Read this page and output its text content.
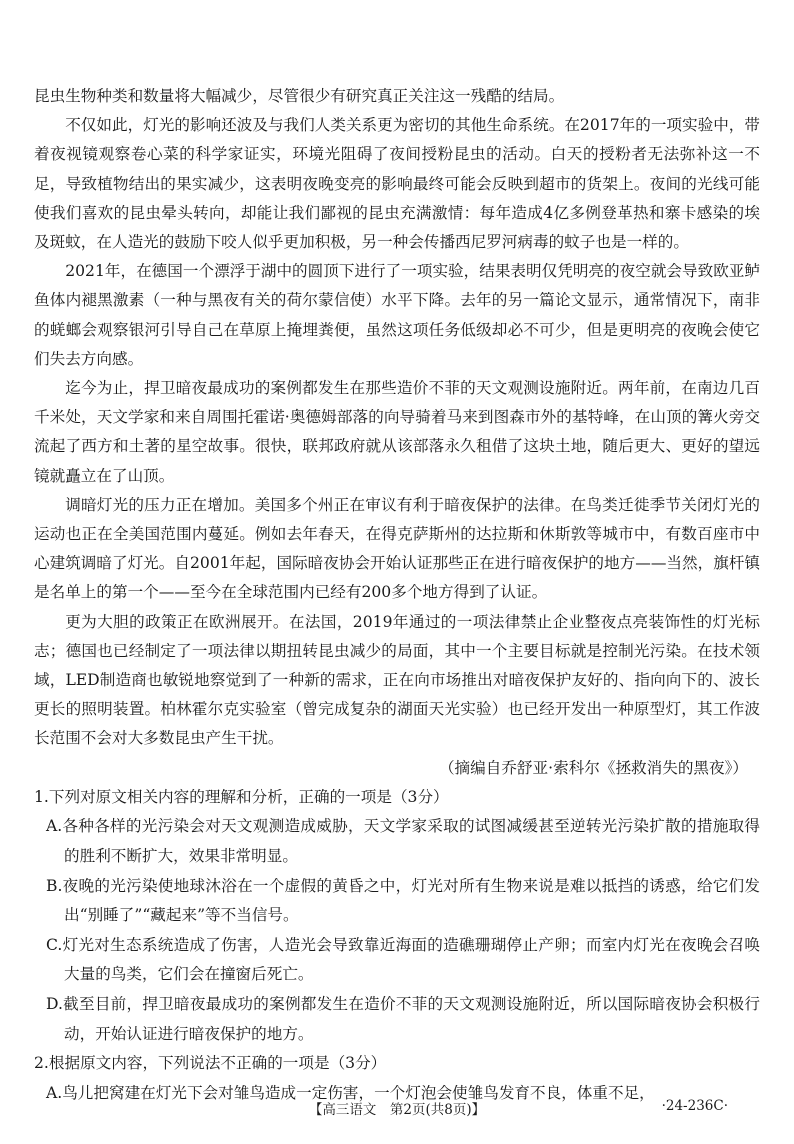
昆虫生物种类和数量将大幅减少，尽管很少有研究真正关注这一残酷的结局。

不仅如此，灯光的影响还波及与我们人类关系更为密切的其他生命系统。在2017年的一项实验中，带着夜视镜观察卷心菜的科学家证实，环境光阻碍了夜间授粉昆虫的活动。白天的授粉者无法弥补这一不足，导致植物结出的果实减少，这表明夜晚变亮的影响最终可能会反映到超市的货架上。夜间的光线可能使我们喜欢的昆虫晕头转向，却能让我们鄙视的昆虫充满激情：每年造成4亿多例登革热和寨卡感染的埃及斑蚊，在人造光的鼓励下咬人似乎更加积极，另一种会传播西尼罗河病毒的蚊子也是一样的。

2021年，在德国一个漂浮于湖中的圆顶下进行了一项实验，结果表明仅凭明亮的夜空就会导致欧亚鲈鱼体内褪黑激素（一种与黑夜有关的荷尔蒙信使）水平下降。去年的另一篇论文显示，通常情况下，南非的蜣螂会观察银河引导自己在草原上掩埋粪便，虽然这项任务低级却必不可少，但是更明亮的夜晚会使它们失去方向感。

迄今为止，捍卫暗夜最成功的案例都发生在那些造价不菲的天文观测设施附近。两年前，在南边几百千米处，天文学家和来自周围托霍诺·奥德姆部落的向导骑着马来到图森市外的基特峰，在山顶的篝火旁交流起了西方和土著的星空故事。很快，联邦政府就从该部落永久租借了这块土地，随后更大、更好的望远镜就矗立在了山顶。

调暗灯光的压力正在增加。美国多个州正在审议有利于暗夜保护的法律。在鸟类迁徙季节关闭灯光的运动也正在全美国范围内蔓延。例如去年春天，在得克萨斯州的达拉斯和休斯敦等城市中，有数百座市中心建筑调暗了灯光。自2001年起，国际暗夜协会开始认证那些正在进行暗夜保护的地方——当然，旗杆镇是名单上的第一个——至今在全球范围内已经有200多个地方得到了认证。

更为大胆的政策正在欧洲展开。在法国，2019年通过的一项法律禁止企业整夜点亮装饰性的灯光标志；德国也已经制定了一项法律以期扭转昆虫减少的局面，其中一个主要目标就是控制光污染。在技术领域，LED制造商也敏锐地察觉到了一种新的需求，正在向市场推出对暗夜保护友好的、指向向下的、波长更长的照明装置。柏林霍尔克实验室（曾完成复杂的湖面天光实验）也已经开发出一种原型灯，其工作波长范围不会对大多数昆虫产生干扰。

（摘编自乔舒亚·索科尔《拯救消失的黑夜》）

1.下列对原文相关内容的理解和分析，正确的一项是（3分）

A.各种各样的光污染会对天文观测造成威胁，天文学家采取的试图减缓甚至逆转光污染扩散的措施取得的胜利不断扩大，效果非常明显。

B.夜晚的光污染使地球沐浴在一个虚假的黄昏之中，灯光对所有生物来说是难以抵挡的诱惑，给它们发出“别睡了”“藏起来”等不当信号。

C.灯光对生态系统造成了伤害，人造光会导致靠近海面的造礁珊瑚停止产卵；而室内灯光在夜晚会召唤大量的鸟类，它们会在撞窗后死亡。

D.截至目前，捍卫暗夜最成功的案例都发生在造价不菲的天文观测设施附近，所以国际暗夜协会积极行动，开始认证进行暗夜保护的地方。

2.根据原文内容，下列说法不正确的一项是（3分）

A.鸟儿把窝建在灯光下会对雏鸟造成一定伤害，一个灯泡会使雏鸟发育不良，体重不足，

【高三语文　第2页(共8页)】	·24-236C·
